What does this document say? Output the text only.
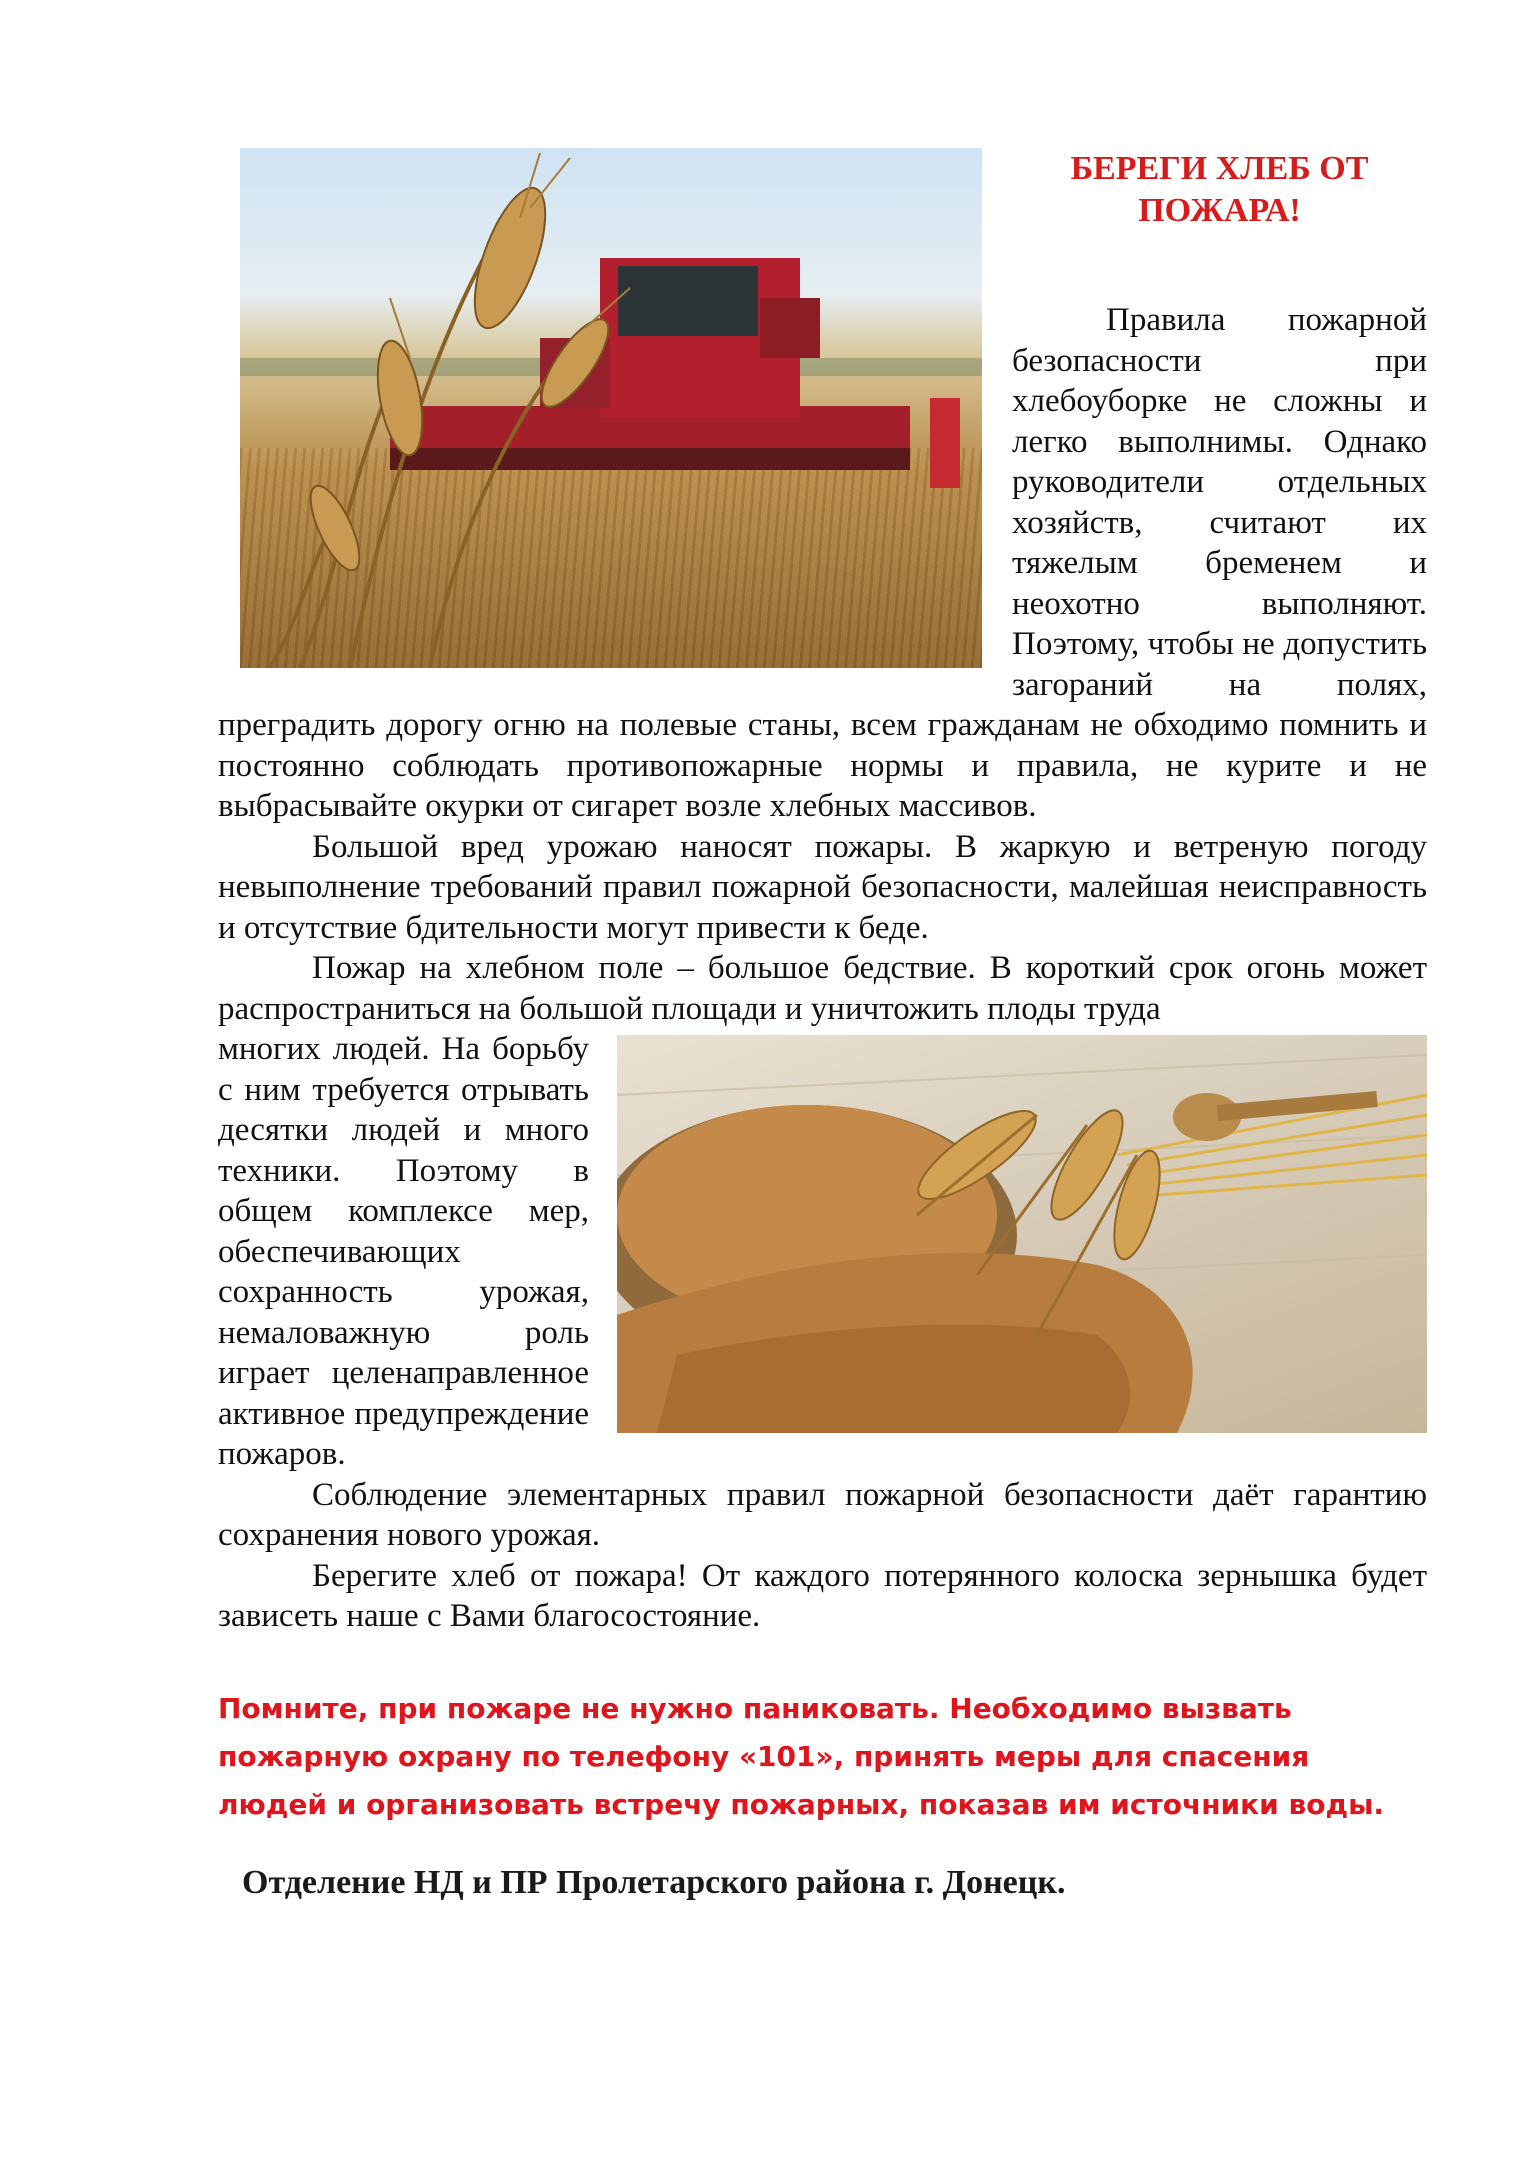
БЕРЕГИ ХЛЕБ ОТ ПОЖАРА!

Правила пожарной безопасности при хлебоуборке не сложны и легко выполнимы. Однако руководители отдельных хозяйств, считают их тяжелым бременем и неохотно выполняют. Поэтому, чтобы не допустить загораний на полях, преградить дорогу огню на полевые станы, всем гражданам не обходимо помнить и постоянно соблюдать противопожарные нормы и правила, не курите и не выбрасывайте окурки от сигарет возле хлебных массивов.

Большой вред урожаю наносят пожары. В жаркую и ветреную погоду невыполнение требований правил пожарной безопасности, малейшая неисправность и отсутствие бдительности могут привести к беде.

Пожар на хлебном поле – большое бедствие. В короткий срок огонь может распространиться на большой площади и уничтожить плоды труда

многих людей. На борьбу с ним требуется отрывать десятки людей и много техники. Поэтому в общем комплексе мер, обеспечивающих сохранность урожая, немаловажную роль играет целенаправленное активное предупреждение пожаров.

Соблюдение элементарных правил пожарной безопасности даёт гарантию сохранения нового урожая.

Берегите хлеб от пожара! От каждого потерянного колоска зернышка будет зависеть наше с Вами благосостояние.

Помните, при пожаре не нужно паниковать. Необходимо вызвать пожарную охрану по телефону «101», принять меры для спасения людей и организовать встречу пожарных, показав им источники воды.
Отделение НД и ПР Пролетарского района г. Донецк.
